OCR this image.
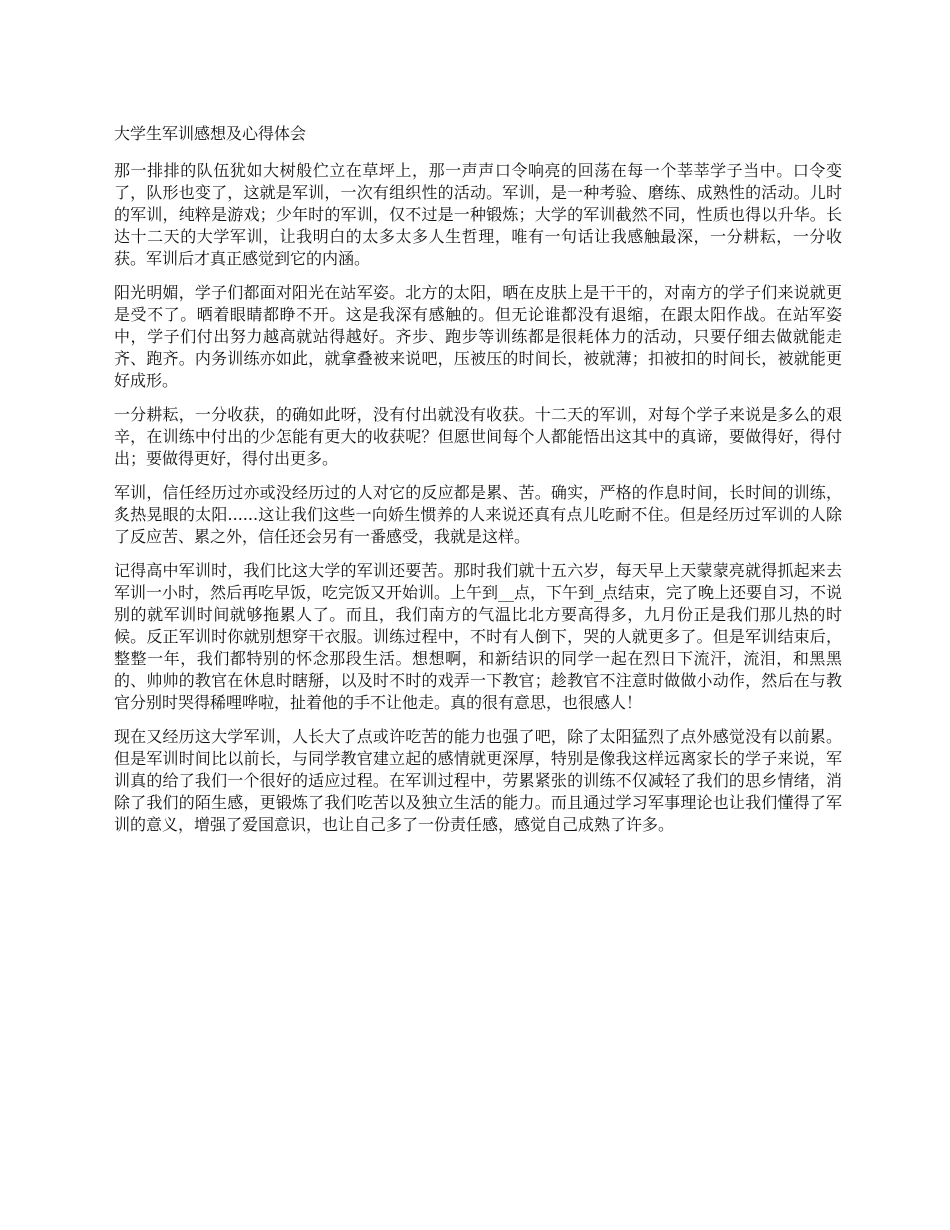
大学生军训感想及心得体会

那一排排的队伍犹如大树般伫立在草坪上，那一声声口令响亮的回荡在每一个莘莘学子当中。口令变了，队形也变了，这就是军训，一次有组织性的活动。军训，是一种考验、磨练、成熟性的活动。儿时的军训，纯粹是游戏；少年时的军训，仅不过是一种锻炼；大学的军训截然不同，性质也得以升华。长达十二天的大学军训，让我明白的太多太多人生哲理，唯有一句话让我感触最深，一分耕耘，一分收获。军训后才真正感觉到它的内涵。

阳光明媚，学子们都面对阳光在站军姿。北方的太阳，晒在皮肤上是干干的，对南方的学子们来说就更是受不了。晒着眼睛都睁不开。这是我深有感触的。但无论谁都没有退缩，在跟太阳作战。在站军姿中，学子们付出努力越高就站得越好。齐步、跑步等训练都是很耗体力的活动，只要仔细去做就能走齐、跑齐。内务训练亦如此，就拿叠被来说吧，压被压的时间长，被就薄；扣被扣的时间长，被就能更好成形。

一分耕耘，一分收获，的确如此呀，没有付出就没有收获。十二天的军训，对每个学子来说是多么的艰辛，在训练中付出的少怎能有更大的收获呢？但愿世间每个人都能悟出这其中的真谛，要做得好，得付出；要做得更好，得付出更多。

军训，信任经历过亦或没经历过的人对它的反应都是累、苦。确实，严格的作息时间，长时间的训练，炙热晃眼的太阳......这让我们这些一向娇生惯养的人来说还真有点儿吃耐不住。但是经历过军训的人除了反应苦、累之外，信任还会另有一番感受，我就是这样。

记得高中军训时，我们比这大学的军训还要苦。那时我们就十五六岁，每天早上天蒙蒙亮就得抓起来去军训一小时，然后再吃早饭，吃完饭又开始训。上午到__点，下午到_点结束，完了晚上还要自习，不说别的就军训时间就够拖累人了。而且，我们南方的气温比北方要高得多，九月份正是我们那儿热的时候。反正军训时你就别想穿干衣服。训练过程中，不时有人倒下，哭的人就更多了。但是军训结束后，整整一年，我们都特别的怀念那段生活。想想啊，和新结识的同学一起在烈日下流汗，流泪，和黑黑的、帅帅的教官在休息时瞎掰，以及时不时的戏弄一下教官；趁教官不注意时做做小动作，然后在与教官分别时哭得稀哩哗啦，扯着他的手不让他走。真的很有意思，也很感人！

现在又经历这大学军训，人长大了点或许吃苦的能力也强了吧，除了太阳猛烈了点外感觉没有以前累。但是军训时间比以前长，与同学教官建立起的感情就更深厚，特别是像我这样远离家长的学子来说，军训真的给了我们一个很好的适应过程。在军训过程中，劳累紧张的训练不仅减轻了我们的思乡情绪，消除了我们的陌生感，更锻炼了我们吃苦以及独立生活的能力。而且通过学习军事理论也让我们懂得了军训的意义，增强了爱国意识，也让自己多了一份责任感，感觉自己成熟了许多。
